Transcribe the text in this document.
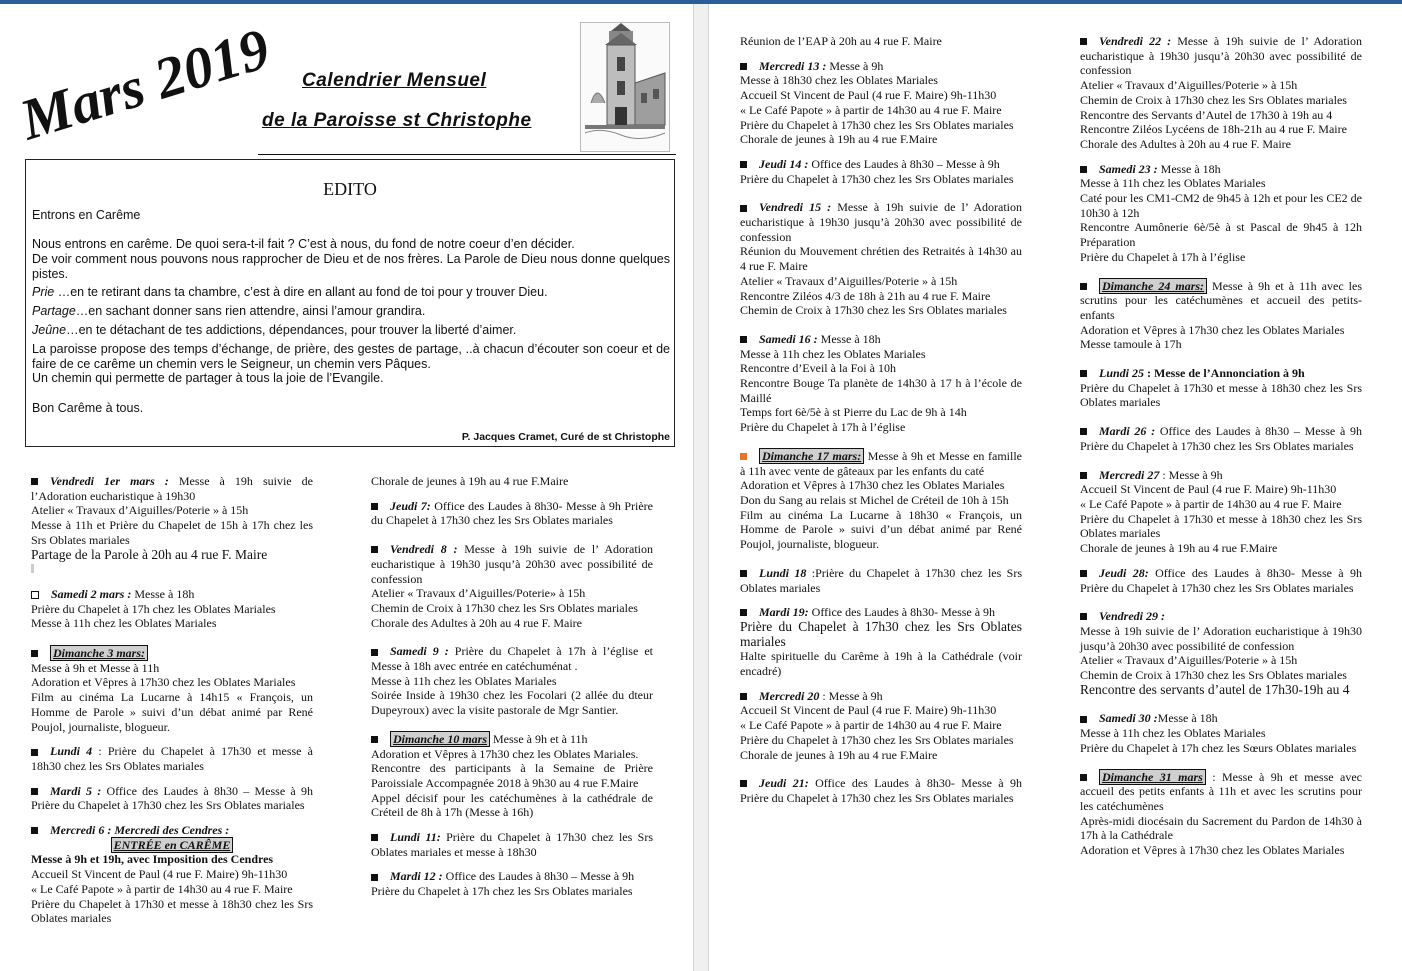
Mars 2019 Calendrier Mensuel
de la Paroisse st Christophe
EDITO

Entrons en Carême

Nous entrons en carême. De quoi sera-t-il fait ? C’est à nous, du fond de notre coeur d’en décider.

De voir comment nous pouvons nous rapprocher de Dieu et de nos frères. La Parole de Dieu nous donne quelques pistes.

Prie …en te retirant dans ta chambre, c’est à dire en allant au fond de toi pour y trouver Dieu.

Partage…en sachant donner sans rien attendre, ainsi l’amour grandira.

Jeûne…en te détachant de tes addictions, dépendances, pour trouver la liberté d’aimer.

La paroisse propose des temps d’échange, de prière, des gestes de partage, ..à chacun d’écouter son coeur et de faire de ce carême un chemin vers le Seigneur, un chemin vers Pâques.

Un chemin qui permette de partager à tous la joie de l’Evangile.

Bon Carême à tous.

P. Jacques Cramet, Curé de st Christophe

Vendredi 1er mars : Messe à 19h suivie de l’Adoration eucharistique à 19h30

Atelier « Travaux d’Aiguilles/Poterie » à 15h

Messe à 11h et Prière du Chapelet de 15h à 17h chez les Srs Oblates mariales

Partage de la Parole à 20h au 4 rue F. Maire

Samedi 2 mars : Messe à 18h

Prière du Chapelet à 17h chez les Oblates Mariales

Messe à 11h chez les Oblates Mariales

Dimanche 3 mars:

Messe à 9h et Messe à 11h

Adoration et Vêpres à 17h30 chez les Oblates Mariales

Film au cinéma La Lucarne à 14h15 « François, un Homme de Parole » suivi d’un débat animé par René Poujol, journaliste, blogueur.

Lundi 4 : Prière du Chapelet à 17h30 et messe à 18h30 chez les Srs Oblates mariales

Mardi 5 : Office des Laudes à 8h30 – Messe à 9h Prière du Chapelet à 17h30 chez les Srs Oblates mariales

Mercredi 6 : Mercredi des Cendres :

ENTRÉE en CARÊME

Messe à 9h et 19h, avec Imposition des Cendres

Accueil St Vincent de Paul (4 rue F. Maire) 9h-11h30

« Le Café Papote » à partir de 14h30 au 4 rue F. Maire

Prière du Chapelet à 17h30 et messe à 18h30 chez les Srs Oblates mariales

Chorale de jeunes à 19h au 4 rue F.Maire

Jeudi 7: Office des Laudes à 8h30- Messe à 9h Prière du Chapelet à 17h30 chez les Srs Oblates mariales

Vendredi 8 : Messe à 19h suivie de l’ Adoration eucharistique à 19h30 jusqu’à 20h30 avec possibilité de confession

Atelier « Travaux d’Aiguilles/Poterie» à 15h

Chemin de Croix à 17h30 chez les Srs Oblates mariales

Chorale des Adultes à 20h au 4 rue F. Maire

Samedi 9 : Prière du Chapelet à 17h à l’église et Messe à 18h avec entrée en catéchuménat .

Messe à 11h chez les Oblates Mariales

Soirée Inside à 19h30 chez les Focolari (2 allée du dteur Dupeyroux) avec la visite pastorale de Mgr Santier.

Dimanche 10 mars Messe à 9h et à 11h

Adoration et Vêpres à 17h30 chez les Oblates Mariales.

Rencontre des participants à la Semaine de Prière Paroissiale Accompagnée 2018 à 9h30 au 4 rue F.Maire

Appel décisif pour les catéchumènes à la cathédrale de Créteil de 8h à 17h (Messe à 16h)

Lundi 11: Prière du Chapelet à 17h30 chez les Srs Oblates mariales et messe à 18h30

Mardi 12 : Office des Laudes à 8h30 – Messe à 9h

Prière du Chapelet à 17h chez les Srs Oblates mariales

Réunion de l’EAP à 20h au 4 rue F. Maire

Mercredi 13 : Messe à 9h

Messe à 18h30 chez les Oblates Mariales

Accueil St Vincent de Paul (4 rue F. Maire) 9h-11h30

« Le Café Papote » à partir de 14h30 au 4 rue F. Maire

Prière du Chapelet à 17h30 chez les Srs Oblates mariales

Chorale de jeunes à 19h au 4 rue F.Maire

Jeudi 14 : Office des Laudes à 8h30 – Messe à 9h

Prière du Chapelet à 17h30 chez les Srs Oblates mariales

Vendredi 15 : Messe à 19h suivie de l’ Adoration eucharistique à 19h30 jusqu’à 20h30 avec possibilité de confession

Réunion du Mouvement chrétien des Retraités à 14h30 au 4 rue F. Maire

Atelier « Travaux d’Aiguilles/Poterie » à 15h

Rencontre Ziléos 4/3 de 18h à 21h au 4 rue F. Maire

Chemin de Croix à 17h30 chez les Srs Oblates mariales

Samedi 16 : Messe à 18h

Messe à 11h chez les Oblates Mariales

Rencontre d’Eveil à la Foi à 10h

Rencontre Bouge Ta planète de 14h30 à 17 h à l’école de Maillé

Temps fort 6è/5è à st Pierre du Lac de 9h à 14h

Prière du Chapelet à 17h à l’église

Dimanche 17 mars: Messe à 9h et Messe en famille à 11h avec vente de gâteaux par les enfants du caté

Adoration et Vêpres à 17h30 chez les Oblates Mariales

Don du Sang au relais st Michel de Créteil de 10h à 15h

Film au cinéma La Lucarne à 18h30 « François, un Homme de Parole » suivi d’un débat animé par René Poujol, journaliste, blogueur.

Lundi 18 :Prière du Chapelet à 17h30 chez les Srs Oblates mariales

Mardi 19: Office des Laudes à 8h30- Messe à 9h

Prière du Chapelet à 17h30 chez les Srs Oblates mariales

Halte spirituelle du Carême à 19h à la Cathédrale (voir encadré)

Mercredi 20 : Messe à 9h

Accueil St Vincent de Paul (4 rue F. Maire) 9h-11h30

« Le Café Papote » à partir de 14h30 au 4 rue F. Maire

Prière du Chapelet à 17h30 chez les Srs Oblates mariales

Chorale de jeunes à 19h au 4 rue F.Maire

Jeudi 21: Office des Laudes à 8h30- Messe à 9h Prière du Chapelet à 17h30 chez les Srs Oblates mariales

Vendredi 22 : Messe à 19h suivie de l’ Adoration eucharistique à 19h30 jusqu’à 20h30 avec possibilité de confession

Atelier « Travaux d’Aiguilles/Poterie » à 15h

Chemin de Croix à 17h30 chez les Srs Oblates mariales

Rencontre des Servants d’Autel de 17h30 à 19h au 4

Rencontre Ziléos Lycéens de 18h-21h au 4 rue F. Maire

Chorale des Adultes à 20h au 4 rue F. Maire

Samedi 23 : Messe à 18h

Messe à 11h chez les Oblates Mariales

Caté pour les CM1-CM2 de 9h45 à 12h et pour les CE2 de 10h30 à 12h

Rencontre Aumônerie 6è/5è à st Pascal de 9h45 à 12h Préparation

Prière du Chapelet à 17h à l’église

Dimanche 24 mars: Messe à 9h et à 11h avec les scrutins pour les catéchumènes et accueil des petits-enfants

Adoration et Vêpres à 17h30 chez les Oblates Mariales

Messe tamoule à 17h

Lundi 25 : Messe de l’Annonciation à 9h

Prière du Chapelet à 17h30 et messe à 18h30 chez les Srs Oblates mariales

Mardi 26 : Office des Laudes à 8h30 – Messe à 9h Prière du Chapelet à 17h30 chez les Srs Oblates mariales

Mercredi 27 : Messe à 9h

Accueil St Vincent de Paul (4 rue F. Maire) 9h-11h30

« Le Café Papote » à partir de 14h30 au 4 rue F. Maire

Prière du Chapelet à 17h30 et messe à 18h30 chez les Srs Oblates mariales

Chorale de jeunes à 19h au 4 rue F.Maire

Jeudi 28: Office des Laudes à 8h30- Messe à 9h Prière du Chapelet à 17h30 chez les Srs Oblates mariales

Vendredi 29 :

Messe à 19h suivie de l’ Adoration eucharistique à 19h30 jusqu’à 20h30 avec possibilité de confession

Atelier « Travaux d’Aiguilles/Poterie » à 15h

Chemin de Croix à 17h30 chez les Srs Oblates mariales

Rencontre des servants d’autel de 17h30-19h au 4

Samedi 30 :Messe à 18h

Messe à 11h chez les Oblates Mariales

Prière du Chapelet à 17h chez les Sœurs Oblates mariales

Dimanche 31 mars : Messe à 9h et messe avec accueil des petits enfants à 11h et avec les scrutins pour les catéchumènes

Après-midi diocésain du Sacrement du Pardon de 14h30 à 17h à la Cathédrale

Adoration et Vêpres à 17h30 chez les Oblates Mariales
